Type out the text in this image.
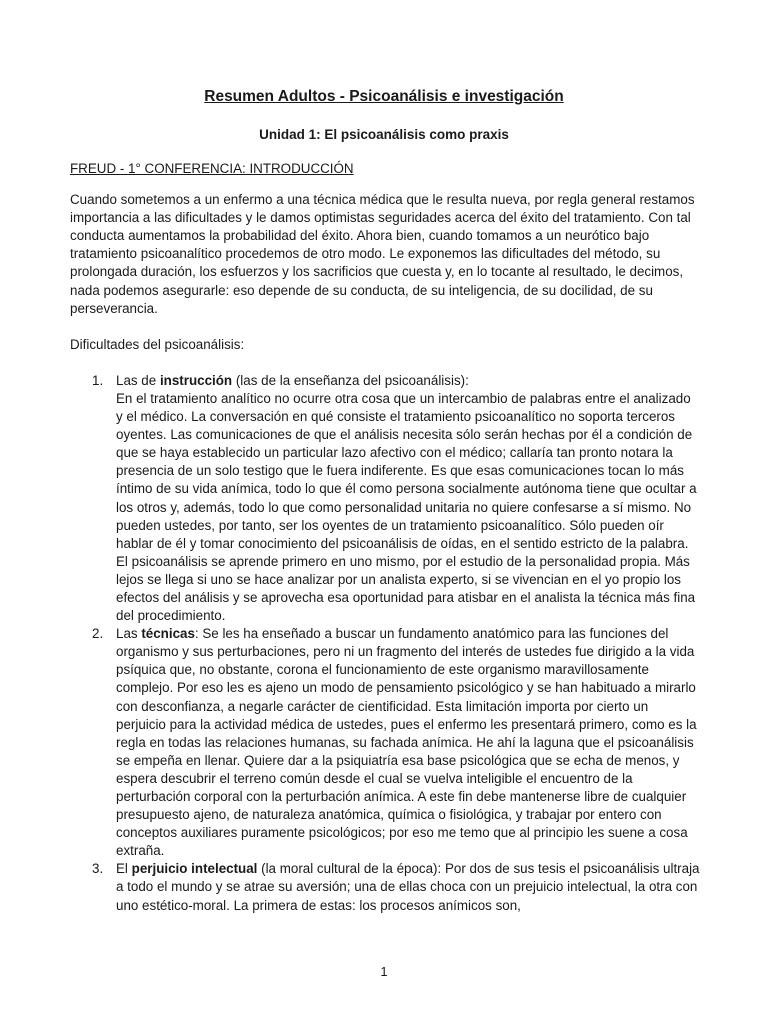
Resumen Adultos - Psicoanálisis e investigación
Unidad 1: El psicoanálisis como praxis

FREUD - 1° CONFERENCIA: INTRODUCCIÓN

Cuando sometemos a un enfermo a una técnica médica que le resulta nueva, por regla general restamos importancia a las dificultades y le damos optimistas seguridades acerca del éxito del tratamiento. Con tal conducta aumentamos la probabilidad del éxito. Ahora bien, cuando tomamos a un neurótico bajo tratamiento psicoanalítico procedemos de otro modo. Le exponemos las dificultades del método, su prolongada duración, los esfuerzos y los sacrificios que cuesta y, en lo tocante al resultado, le decimos, nada podemos asegurarle: eso depende de su conducta, de su inteligencia, de su docilidad, de su perseverancia.

Dificultades del psicoanálisis:

1. Las de instrucción (las de la enseñanza del psicoanálisis):
En el tratamiento analítico no ocurre otra cosa que un intercambio de palabras entre el analizado y el médico. La conversación en qué consiste el tratamiento psicoanalítico no soporta terceros oyentes. Las comunicaciones de que el análisis necesita sólo serán hechas por él a condición de que se haya establecido un particular lazo afectivo con el médico; callaría tan pronto notara la presencia de un solo testigo que le fuera indiferente. Es que esas comunicaciones tocan lo más íntimo de su vida anímica, todo lo que él como persona socialmente autónoma tiene que ocultar a los otros y, además, todo lo que como personalidad unitaria no quiere confesarse a sí mismo. No pueden ustedes, por tanto, ser los oyentes de un tratamiento psicoanalítico. Sólo pueden oír hablar de él y tomar conocimiento del psicoanálisis de oídas, en el sentido estricto de la palabra. El psicoanálisis se aprende primero en uno mismo, por el estudio de la personalidad propia. Más lejos se llega si uno se hace analizar por un analista experto, si se vivencian en el yo propio los efectos del análisis y se aprovecha esa oportunidad para atisbar en el analista la técnica más fina del procedimiento.
2. Las técnicas: Se les ha enseñado a buscar un fundamento anatómico para las funciones del organismo y sus perturbaciones, pero ni un fragmento del interés de ustedes fue dirigido a la vida psíquica que, no obstante, corona el funcionamiento de este organismo maravillosamente complejo. Por eso les es ajeno un modo de pensamiento psicológico y se han habituado a mirarlo con desconfianza, a negarle carácter de cientificidad. Esta limitación importa por cierto un perjuicio para la actividad médica de ustedes, pues el enfermo les presentará primero, como es la regla en todas las relaciones humanas, su fachada anímica. He ahí la laguna que el psicoanálisis se empeña en llenar. Quiere dar a la psiquiatría esa base psicológica que se echa de menos, y espera descubrir el terreno común desde el cual se vuelva inteligible el encuentro de la perturbación corporal con la perturbación anímica. A este fin debe mantenerse libre de cualquier presupuesto ajeno, de naturaleza anatómica, química o fisiológica, y trabajar por entero con conceptos auxiliares puramente psicológicos; por eso me temo que al principio les suene a cosa extraña.
3. El perjuicio intelectual (la moral cultural de la época): Por dos de sus tesis el psicoanálisis ultraja a todo el mundo y se atrae su aversión; una de ellas choca con un prejuicio intelectual, la otra con uno estético-moral. La primera de estas: los procesos anímicos son,

1
